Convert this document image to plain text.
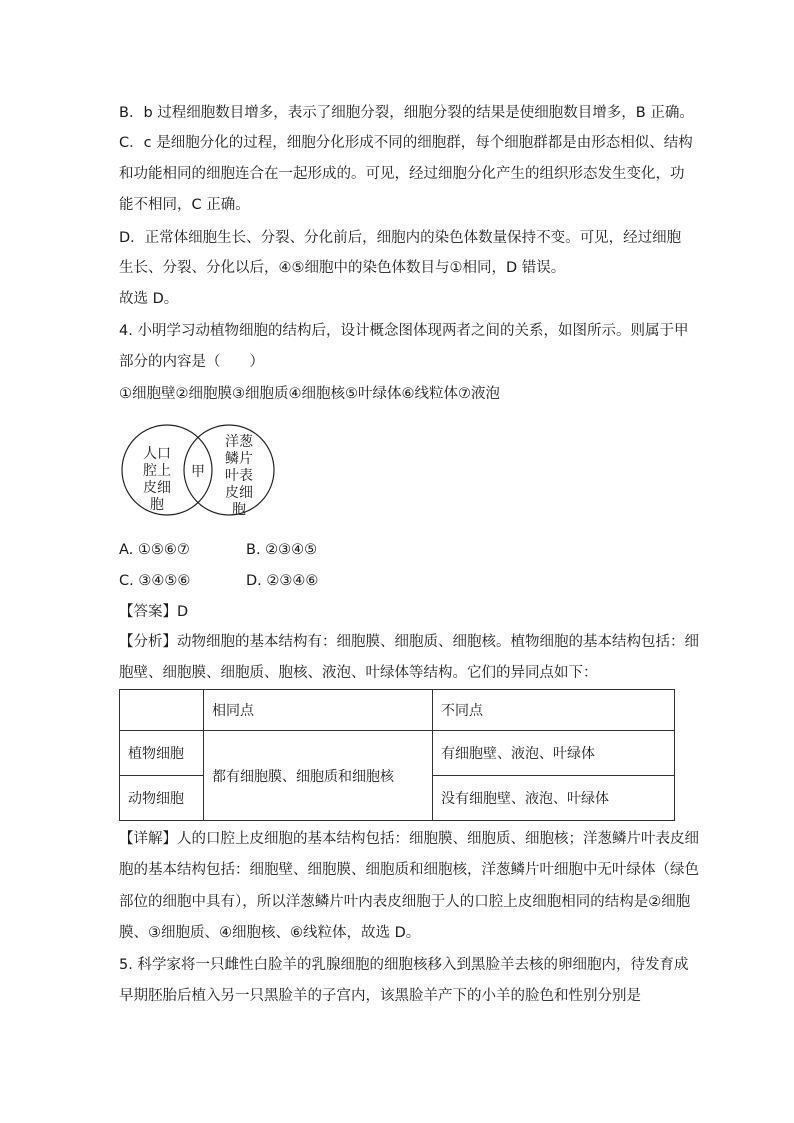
B．b 过程细胞数目增多，表示了细胞分裂，细胞分裂的结果是使细胞数目增多，B 正确。
C．c 是细胞分化的过程，细胞分化形成不同的细胞群，每个细胞群都是由形态相似、结构
和功能相同的细胞连合在一起形成的。可见，经过细胞分化产生的组织形态发生变化，功
能不相同，C 正确。
D．正常体细胞生长、分裂、分化前后，细胞内的染色体数量保持不变。可见，经过细胞
生长、分裂、分化以后，④⑤细胞中的染色体数目与①相同，D 错误。
故选 D。
4. 小明学习动植物细胞的结构后，设计概念图体现两者之间的关系，如图所示。则属于甲
部分的内容是（　　）
①细胞壁②细胞膜③细胞质④细胞核⑤叶绿体⑥线粒体⑦液泡
人口
腔上
皮细
胞
甲
洋葱
鳞片
叶表
皮细
胞
A. ①⑤⑥⑦	B. ②③④⑤
C. ③④⑤⑥	D. ②③④⑥
【答案】D
【分析】动物细胞的基本结构有：细胞膜、细胞质、细胞核。植物细胞的基本结构包括：细
胞壁、细胞膜、细胞质、胞核、液泡、叶绿体等结构。它们的异同点如下：
	相同点	不同点
植物细胞	都有细胞膜、细胞质和细胞核	有细胞壁、液泡、叶绿体
动物细胞		没有细胞壁、液泡、叶绿体
【详解】人的口腔上皮细胞的基本结构包括：细胞膜、细胞质、细胞核；洋葱鳞片叶表皮细
胞的基本结构包括：细胞壁、细胞膜、细胞质和细胞核，洋葱鳞片叶细胞中无叶绿体（绿色
部位的细胞中具有），所以洋葱鳞片叶内表皮细胞于人的口腔上皮细胞相同的结构是②细胞
膜、③细胞质、④细胞核、⑥线粒体，故选 D。
5. 科学家将一只雌性白脸羊的乳腺细胞的细胞核移入到黑脸羊去核的卵细胞内，待发育成
早期胚胎后植入另一只黑脸羊的子宫内，该黑脸羊产下的小羊的脸色和性别分别是
